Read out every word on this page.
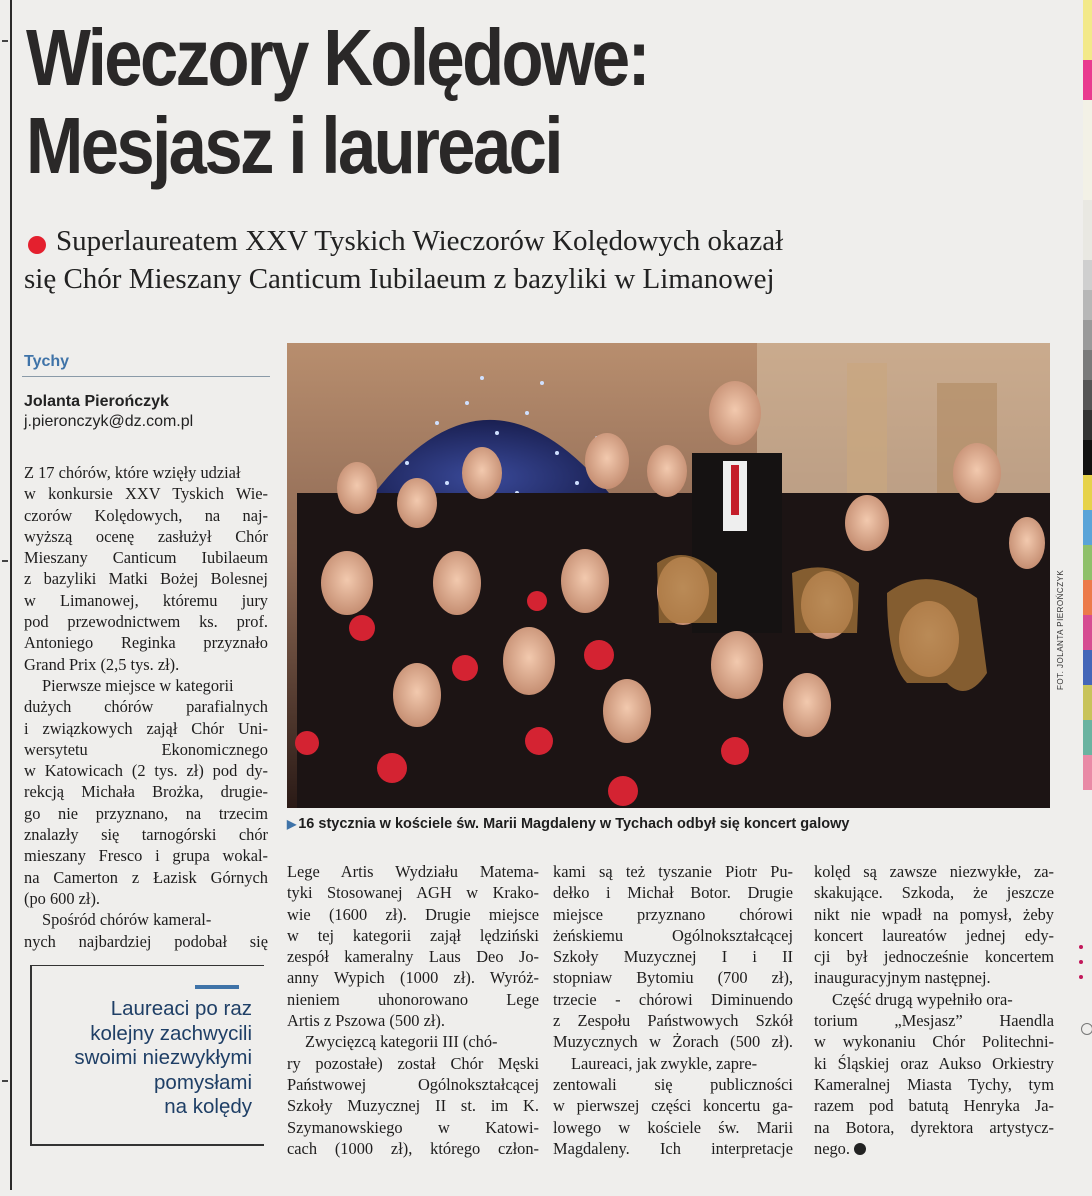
Wieczory Kolędowe:
Mesjasz i laureaci

Superlaureatem XXV Tyskich Wieczorów Kolędowych okazał
się Chór Mieszany Canticum Iubilaeum z bazyliki w Limanowej

Tychy
Jolanta Pierończyk
j.pieronczyk@dz.com.pl

Z 17 chórów, które wzięły udział
w konkursie XXV Tyskich Wie-
czorów Kolędowych, na naj-
wyższą ocenę zasłużył Chór
Mieszany Canticum Iubilaeum
z bazyliki Matki Bożej Bolesnej
w Limanowej, któremu jury
pod przewodnictwem ks. prof.
Antoniego Reginka przyznało
Grand Prix (2,5 tys. zł).
Pierwsze miejsce w kategorii
dużych chórów parafialnych
i związkowych zajął Chór Uni-
wersytetu Ekonomicznego
w Katowicach (2 tys. zł) pod dy-
rekcją Michała Brożka, drugie-
go nie przyznano, na trzecim
znalazły się tarnogórski chór
mieszany Fresco i grupa wokal-
na Camerton z Łazisk Górnych
(po 600 zł).
Spośród chórów kameral-
nych najbardziej podobał się

Lege Artis Wydziału Matema-
tyki Stosowanej AGH w Krako-
wie (1600 zł). Drugie miejsce
w tej kategorii zajął lędziński
zespół kameralny Laus Deo Jo-
anny Wypich (1000 zł). Wyróż-
nieniem uhonorowano Lege
Artis z Pszowa (500 zł).
Zwycięzcą kategorii III (chó-
ry pozostałe) został Chór Męski
Państwowej Ogólnokształcącej
Szkoły Muzycznej II st. im K.
Szymanowskiego w Katowi-
cach (1000 zł), którego człon-

kami są też tyszanie Piotr Pu-
dełko i Michał Botor. Drugie
miejsce przyznano chórowi
żeńskiemu Ogólnokształcącej
Szkoły Muzycznej I i II
stopniaw Bytomiu (700 zł),
trzecie - chórowi Diminuendo
z Zespołu Państwowych Szkół
Muzycznych w Żorach (500 zł).
Laureaci, jak zwykle, zapre-
zentowali się publiczności
w pierwszej części koncertu ga-
lowego w kościele św. Marii
Magdaleny. Ich interpretacje

kolęd są zawsze niezwykłe, za-
skakujące. Szkoda, że jeszcze
nikt nie wpadł na pomysł, żeby
koncert laureatów jednej edy-
cji był jednocześnie koncertem
inauguracyjnym następnej.
Część drugą wypełniło ora-
torium „Mesjasz” Haendla
w wykonaniu Chór Politechni-
ki Śląskiej oraz Aukso Orkiestry
Kameralnej Miasta Tychy, tym
razem pod batutą Henryka Ja-
na Botora, dyrektora artystycz-
nego.

FOT. JOLANTA PIEROŃCZYK
▶ 16 stycznia w kościele św. Marii Magdaleny w Tychach odbył się koncert galowy

Laureaci po raz
kolejny zachwycili
swoimi niezwykłymi
pomysłami
na kolędy
